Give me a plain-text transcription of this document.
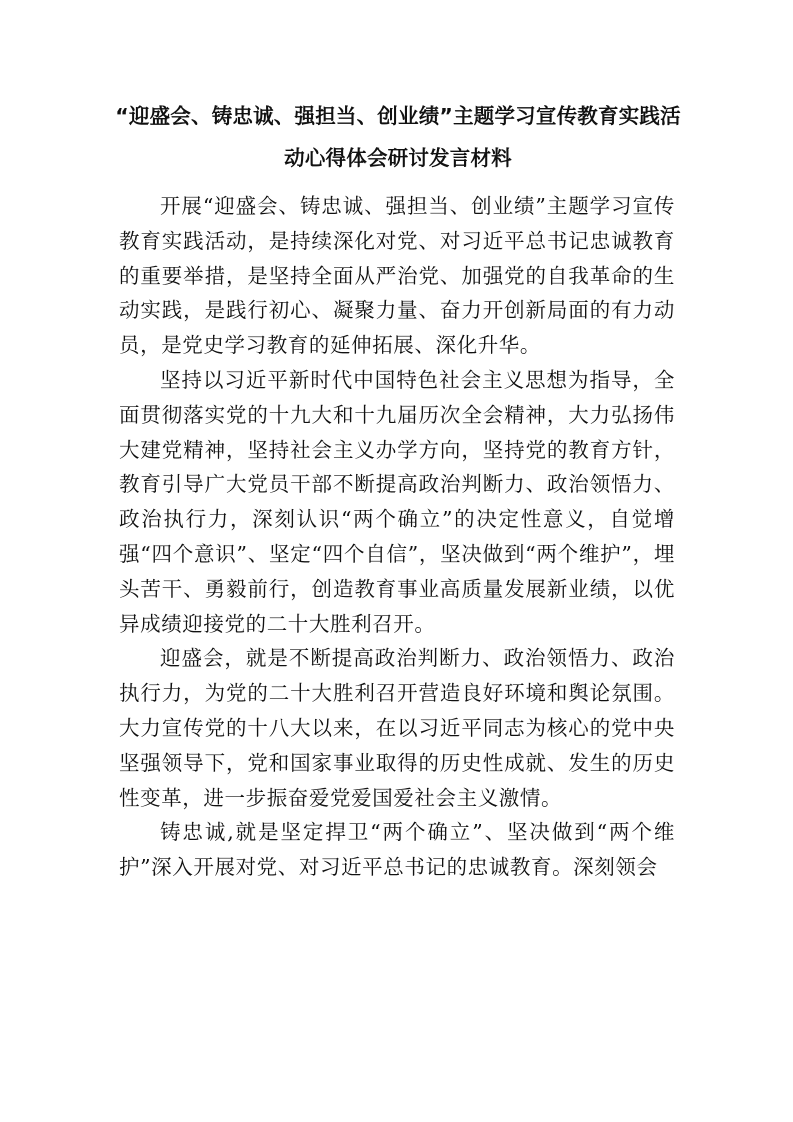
“迎盛会、铸忠诚、强担当、创业绩”主题学习宣传教育实践活动心得体会研讨发言材料

开展“迎盛会、铸忠诚、强担当、创业绩”主题学习宣传教育实践活动，是持续深化对党、对习近平总书记忠诚教育的重要举措，是坚持全面从严治党、加强党的自我革命的生动实践，是践行初心、凝聚力量、奋力开创新局面的有力动员，是党史学习教育的延伸拓展、深化升华。

坚持以习近平新时代中国特色社会主义思想为指导，全面贯彻落实党的十九大和十九届历次全会精神，大力弘扬伟大建党精神，坚持社会主义办学方向，坚持党的教育方针，教育引导广大党员干部不断提高政治判断力、政治领悟力、政治执行力，深刻认识“两个确立”的决定性意义，自觉增强“四个意识”、坚定“四个自信”，坚决做到“两个维护”，埋头苦干、勇毅前行，创造教育事业高质量发展新业绩，以优异成绩迎接党的二十大胜利召开。

迎盛会，就是不断提高政治判断力、政治领悟力、政治执行力，为党的二十大胜利召开营造良好环境和舆论氛围。大力宣传党的十八大以来，在以习近平同志为核心的党中央坚强领导下，党和国家事业取得的历史性成就、发生的历史性变革，进一步振奋爱党爱国爱社会主义激情。

铸忠诚,就是坚定捍卫“两个确立”、坚决做到“两个维护”深入开展对党、对习近平总书记的忠诚教育。深刻领会
